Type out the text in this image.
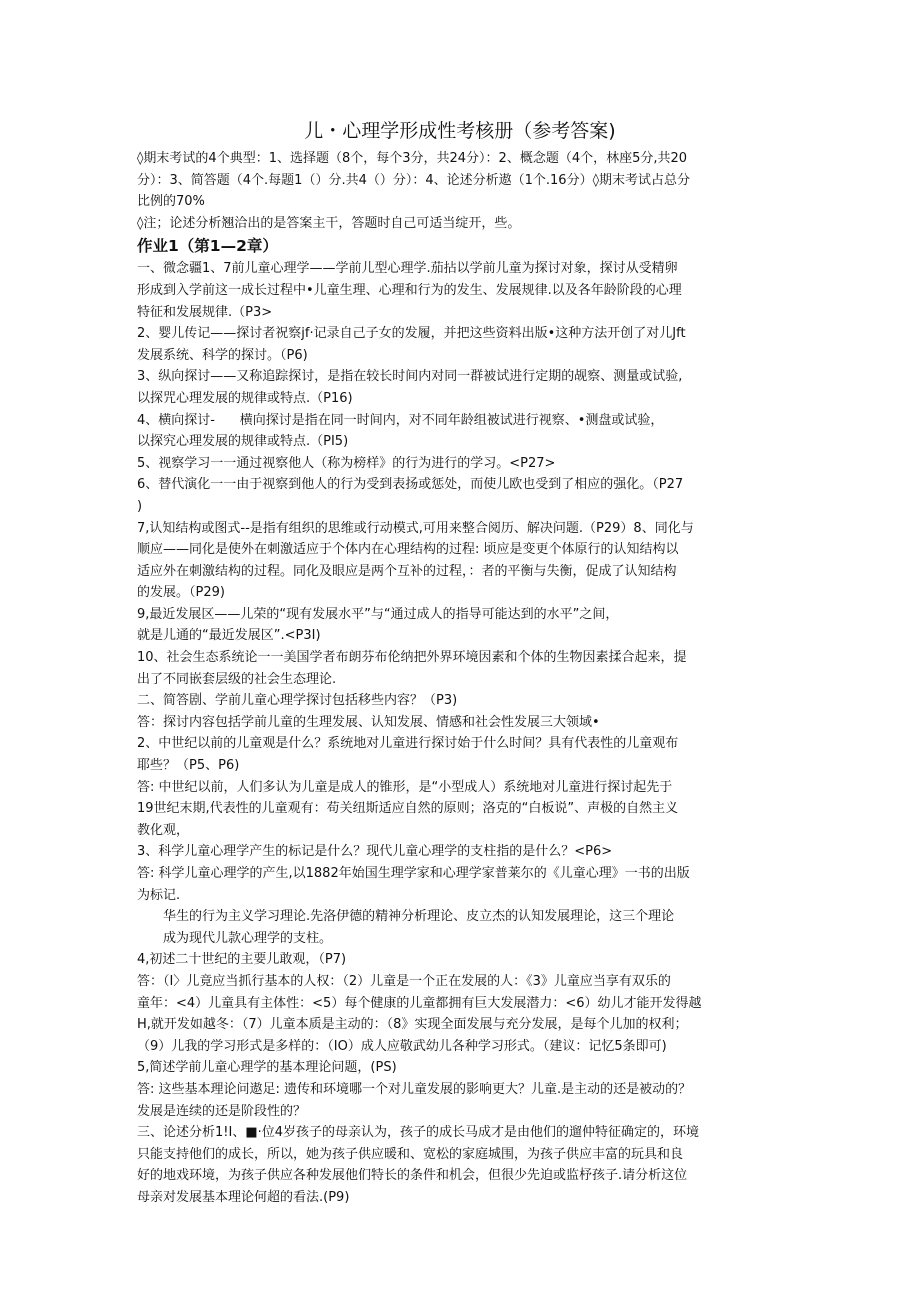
儿・心理学形成性考核册（参考答案)

◊期末考试的4个典型：1、选择题（8个，每个3分，共24分）：2、概念题（4个，林座5分,共20

分）：3、简答题（4个.每题1（）分.共4（）分）：4、论述分析遨（1个.16分）◊期末考试占总分

比例的70%

◊注；论述分析翘洽出的是答案主干，答题时自己可适当绽开，些。

作业1（第1—2章）

一、微念疆1、7前儿童心理学——学前儿型心理学.茄拈以学前儿童为探讨对象，探讨从受精卵

形成到入学前这一成长过程中•儿童生理、心理和行为的发生、发展规律.以及各年龄阶段的心理

特征和发展规律.（P3>

2、婴儿传记——探讨者祝察jf·记录自己子女的发履，并把这些资料出版•这种方法开创了对儿Jft

发展系统、科学的探讨。（P6)

3、纵向探讨——又称追踪探讨，是指在较长时间内对同一群被试进行定期的觇察、测量或试验,

以探咒心理发展的规律或特点.（P16)

4、横向探讨-      横向探讨是指在同一时间内，对不同年龄组被试进行视察、•测盘或试验，

以探究心理发展的规律或特点.（PI5)

5、视察学习一一通过视察他人（称为榜样》的行为进行的学习。<P27>

6、替代演化一一由于视察到他人的行为受到表扬或惩处，而使儿欧也受到了相应的强化。（P27

)

7,认知结构或图式--是指有组织的思维或行动模式,可用来整合阅历、解决问题.（P29）8、同化与

顺应——同化是使外在刺激适应于个体内在心理结构的过程: 顷应是变更个体原行的认知结构以

适应外在刺激结构的过程。同化及眼应是两个互补的过程，：者的平衡与失衡，促成了认知结构

的发展。（P29)

9,最近发展区——儿荣的“现有发展水平”与“通过成人的指导可能达到的水平”之间，

就是儿通的“最近发展区”.<P3I)

10、社会生态系统论一一美国学者布朗芬布伦纳把外界环境因素和个体的生物因素揉合起来，提

出了不同嵌套层级的社会生态理论.

二、简答剧、学前儿童心理学探讨包括移些内容？（P3)

答：探讨内容包括学前儿童的生理发展、认知发展、情感和社会性发展三大领域•

2、中世纪以前的儿童观是什么？系统地对儿童进行探讨始于什么时间？具有代表性的儿童观布

耶些？（P5、P6)

答: 中世纪以前，人们多认为儿童是成人的锥形，是“小型成人）系统地对儿童进行探讨起先于

19世纪末期,代表性的儿童观有：苟关纽斯适应自然的原则；洛克的“白板说”、声极的自然主义

教化观，

3、科学儿童心理学产生的标记是什么？现代儿童心理学的支柱指的是什么？<P6>

答: 科学儿童心理学的产生,以1882年始国生理学家和心理学家普莱尔的《儿童心理》一书的出版

为标记.

华生的行为主义学习理论.先洛伊德的精神分析理论、皮立杰的认知发展理论，这三个理论

成为现代儿款心理学的支柱。

4,初述二十世纪的主要儿敢观，（P7)

答：（I〉儿竟应当抓行基本的人权：（2）儿童是一个正在发展的人：《3》儿童应当享有双乐的

童年：<4）儿童具有主体性：<5）每个健康的儿童都拥有巨大发展潜力：<6）幼儿才能开发得越

H,就开发如越冬：（7）儿童本质是主动的：（8》实现全面发展与充分发展，是每个儿加的权利；

（9）儿我的学习形式是多样的：（IO）成人应敬武幼儿各种学习形式。（建议：记忆5条即可)

5,简述学前儿童心理学的基本理论问题，(PS)

答: 这些基本理论问遨足: 遗传和环境哪一个对儿童发展的影响更大？儿童.是主动的还是被动的？

发展是连续的还是阶段性的？

三、论述分析1!I、■·位4岁孩子的母亲认为，孩子的成长马成才是由他们的遛仲特征确定的，环境

只能支持他们的成长，所以，她为孩子供应暖和、宽松的家庭城围，为孩子供应丰富的玩具和良

好的地戏环境，为孩子供应各种发展他们特长的条件和机会，但很少先迫或监杼孩子.请分析这位

母亲对发展基本理论何超的看法.(P9)
